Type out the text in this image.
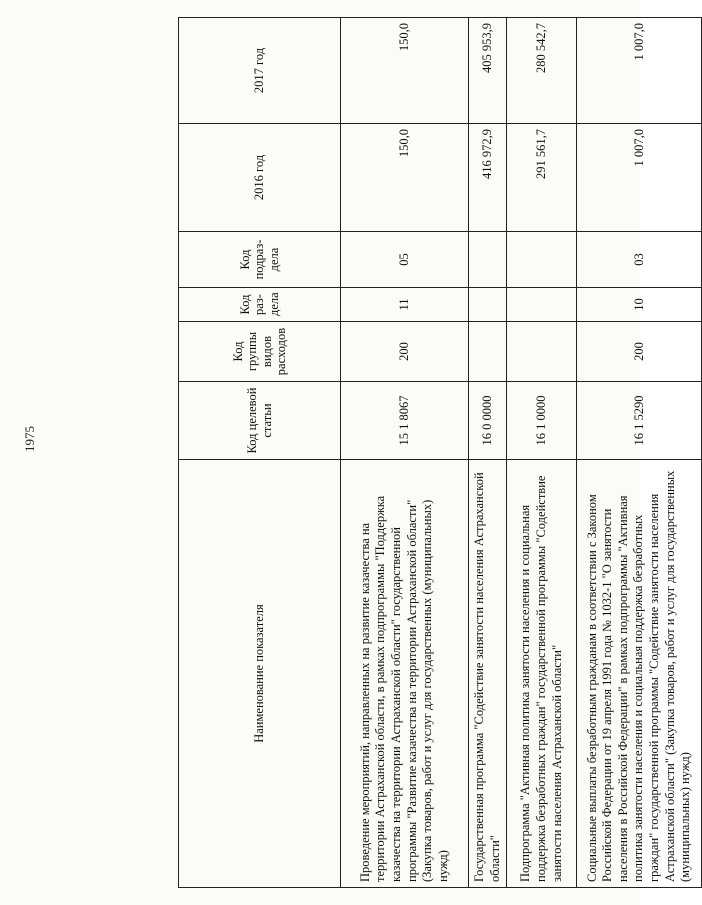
1975
Наименование показателя	Код целевой статьи	Код группы видов расходов	Код раз-дела	Код подраз-дела	2016 год	2017 год
Проведение мероприятий, направленных на развитие казачества на территории Астраханской области, в рамках подпрограммы "Поддержка казачества на территории Астраханской области" государственной программы "Развитие казачества на территории Астраханской области" (Закупка товаров, работ и услуг для государственных (муниципальных) нужд)	15 1 8067	200	11	05	150,0	150,0
Государственная программа "Содействие занятости населения Астраханской области"	16 0 0000				416 972,9	405 953,9
Подпрограмма "Активная политика занятости населения и социальная поддержка безработных граждан" государственной программы "Содействие занятости населения Астраханской области"	16 1 0000				291 561,7	280 542,7
Социальные выплаты безработным гражданам в соответствии с Законом Российской Федерации от 19 апреля 1991 года № 1032-1 "О занятости населения в Российской Федерации" в рамках подпрограммы "Активная политика занятости населения и социальная поддержка безработных граждан" государственной программы "Содействие занятости населения Астраханской области" (Закупка товаров, работ и услуг для государственных (муниципальных) нужд)	16 1 5290	200	10	03	1 007,0	1 007,0
